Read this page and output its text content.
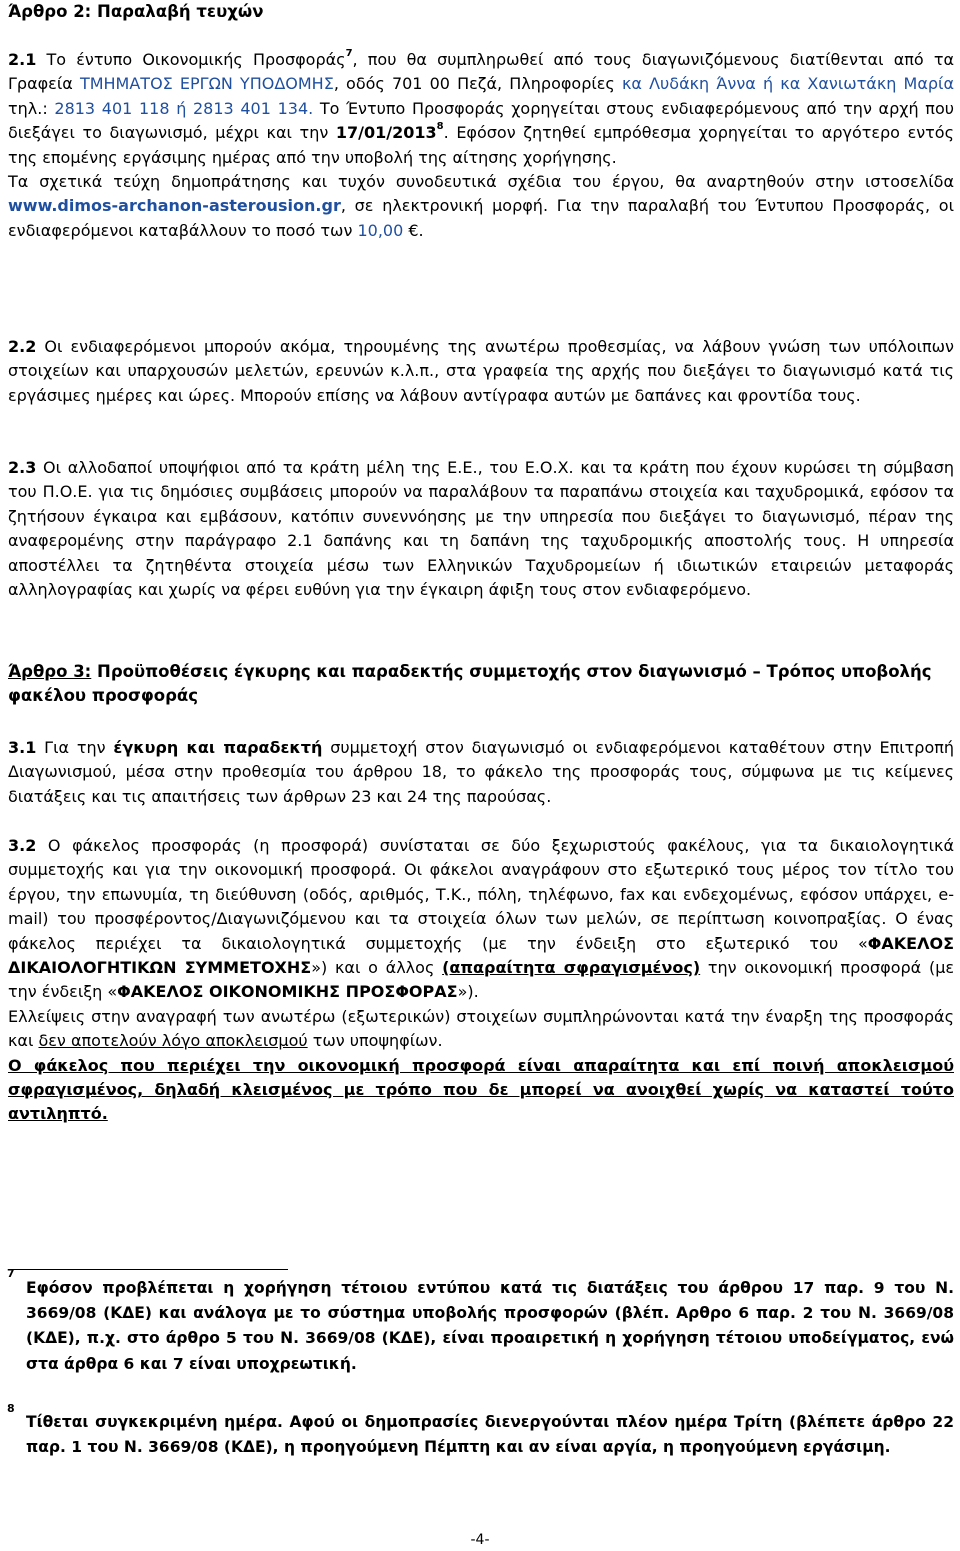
Άρθρο 2: Παραλαβή τευχών

2.1 Το έντυπο Οικονομικής Προσφοράς$^7$, που θα συμπληρωθεί από τους διαγωνιζόμενους διατίθενται από τα Γραφεία ΤΜΗΜΑΤΟΣ ΕΡΓΩΝ ΥΠΟΔΟΜΗΣ, οδός 701 00 Πεζά, Πληροφορίες κα Λυδάκη Άννα ή κα Χανιωτάκη Μαρία τηλ.: 2813 401 118 ή 2813 401 134. Το Έντυπο Προσφοράς χορηγείται στους ενδιαφερόμενους από την αρχή που διεξάγει το διαγωνισμό, μέχρι και την 17/01/2013$^8$. Εφόσον ζητηθεί εμπρόθεσμα χορηγείται το αργότερο εντός της επομένης εργάσιμης ημέρας από την υποβολή της αίτησης χορήγησης.

Τα σχετικά τεύχη δημοπράτησης και τυχόν συνοδευτικά σχέδια του έργου, θα αναρτηθούν στην ιστοσελίδα www.dimos-archanon-asterousion.gr, σε ηλεκτρονική μορφή. Για την παραλαβή του Έντυπου Προσφοράς, οι ενδιαφερόμενοι καταβάλλουν το ποσό των 10,00 €.

2.2 Οι ενδιαφερόμενοι μπορούν ακόμα, τηρουμένης της ανωτέρω προθεσμίας, να λάβουν γνώση των υπόλοιπων στοιχείων και υπαρχουσών μελετών, ερευνών κ.λ.π., στα γραφεία της αρχής που διεξάγει το διαγωνισμό κατά τις εργάσιμες ημέρες και ώρες. Μπορούν επίσης να λάβουν αντίγραφα αυτών με δαπάνες και φροντίδα τους.

2.3 Οι αλλοδαποί υποψήφιοι από τα κράτη μέλη της Ε.Ε., του Ε.Ο.Χ. και τα κράτη που έχουν κυρώσει τη σύμβαση του Π.Ο.Ε. για τις δημόσιες συμβάσεις μπορούν να παραλάβουν τα παραπάνω στοιχεία και ταχυδρομικά, εφόσον τα ζητήσουν έγκαιρα και εμβάσουν, κατόπιν συνεννόησης με την υπηρεσία που διεξάγει το διαγωνισμό, πέραν της αναφερομένης στην παράγραφο 2.1 δαπάνης και τη δαπάνη της ταχυδρομικής αποστολής τους. Η υπηρεσία αποστέλλει τα ζητηθέντα στοιχεία μέσω των Ελληνικών Ταχυδρομείων ή ιδιωτικών εταιρειών μεταφοράς αλληλογραφίας και χωρίς να φέρει ευθύνη για την έγκαιρη άφιξη τους στον ενδιαφερόμενο.

Άρθρο 3: Προϋποθέσεις έγκυρης και παραδεκτής συμμετοχής στον διαγωνισμό – Τρόπος υποβολής φακέλου προσφοράς

3.1 Για την έγκυρη και παραδεκτή συμμετοχή στον διαγωνισμό οι ενδιαφερόμενοι καταθέτουν στην Επιτροπή Διαγωνισμού, μέσα στην προθεσμία του άρθρου 18, το φάκελο της προσφοράς τους, σύμφωνα με τις κείμενες διατάξεις και τις απαιτήσεις των άρθρων 23 και 24 της παρούσας.

3.2 Ο φάκελος προσφοράς (η προσφορά) συνίσταται σε δύο ξεχωριστούς φακέλους, για τα δικαιολογητικά συμμετοχής και για την οικονομική προσφορά. Οι φάκελοι αναγράφουν στο εξωτερικό τους μέρος τον τίτλο του έργου, την επωνυμία, τη διεύθυνση (οδός, αριθμός, Τ.Κ., πόλη, τηλέφωνο, fax και ενδεχομένως, εφόσον υπάρχει, e-mail) του προσφέροντος/Διαγωνιζόμενου και τα στοιχεία όλων των μελών, σε περίπτωση κοινοπραξίας. Ο ένας φάκελος περιέχει τα δικαιολογητικά συμμετοχής (με την ένδειξη στο εξωτερικό του «ΦΑΚΕΛΟΣ ΔΙΚΑΙΟΛΟΓΗΤΙΚΩΝ ΣΥΜΜΕΤΟΧΗΣ») και ο άλλος (απαραίτητα σφραγισμένος) την οικονομική προσφορά (με την ένδειξη «ΦΑΚΕΛΟΣ ΟΙΚΟΝΟΜΙΚΗΣ ΠΡΟΣΦΟΡΑΣ»).

Ελλείψεις στην αναγραφή των ανωτέρω (εξωτερικών) στοιχείων συμπληρώνονται κατά την έναρξη της προσφοράς και δεν αποτελούν λόγο αποκλεισμού των υποψηφίων.

Ο φάκελος που περιέχει την οικονομική προσφορά είναι απαραίτητα και επί ποινή αποκλεισμού σφραγισμένος, δηλαδή κλεισμένος με τρόπο που δε μπορεί να ανοιχθεί χωρίς να καταστεί τούτο αντιληπτό.

7

Εφόσον προβλέπεται η χορήγηση τέτοιου εντύπου κατά τις διατάξεις του άρθρου 17 παρ. 9 του Ν. 3669/08 (ΚΔΕ) και ανάλογα με το σύστημα υποβολής προσφορών (βλέπ. Αρθρο 6 παρ. 2 του Ν. 3669/08 (ΚΔΕ), π.χ. στο άρθρο 5 του Ν. 3669/08 (ΚΔΕ), είναι προαιρετική η χορήγηση τέτοιου υποδείγματος, ενώ στα άρθρα 6 και 7 είναι υποχρεωτική.

8

Τίθεται συγκεκριμένη ημέρα. Αφού οι δημοπρασίες διενεργούνται πλέον ημέρα Τρίτη (βλέπετε άρθρο 22 παρ. 1 του Ν. 3669/08 (ΚΔΕ), η προηγούμενη Πέμπτη και αν είναι αργία, η προηγούμενη εργάσιμη.

-4-
